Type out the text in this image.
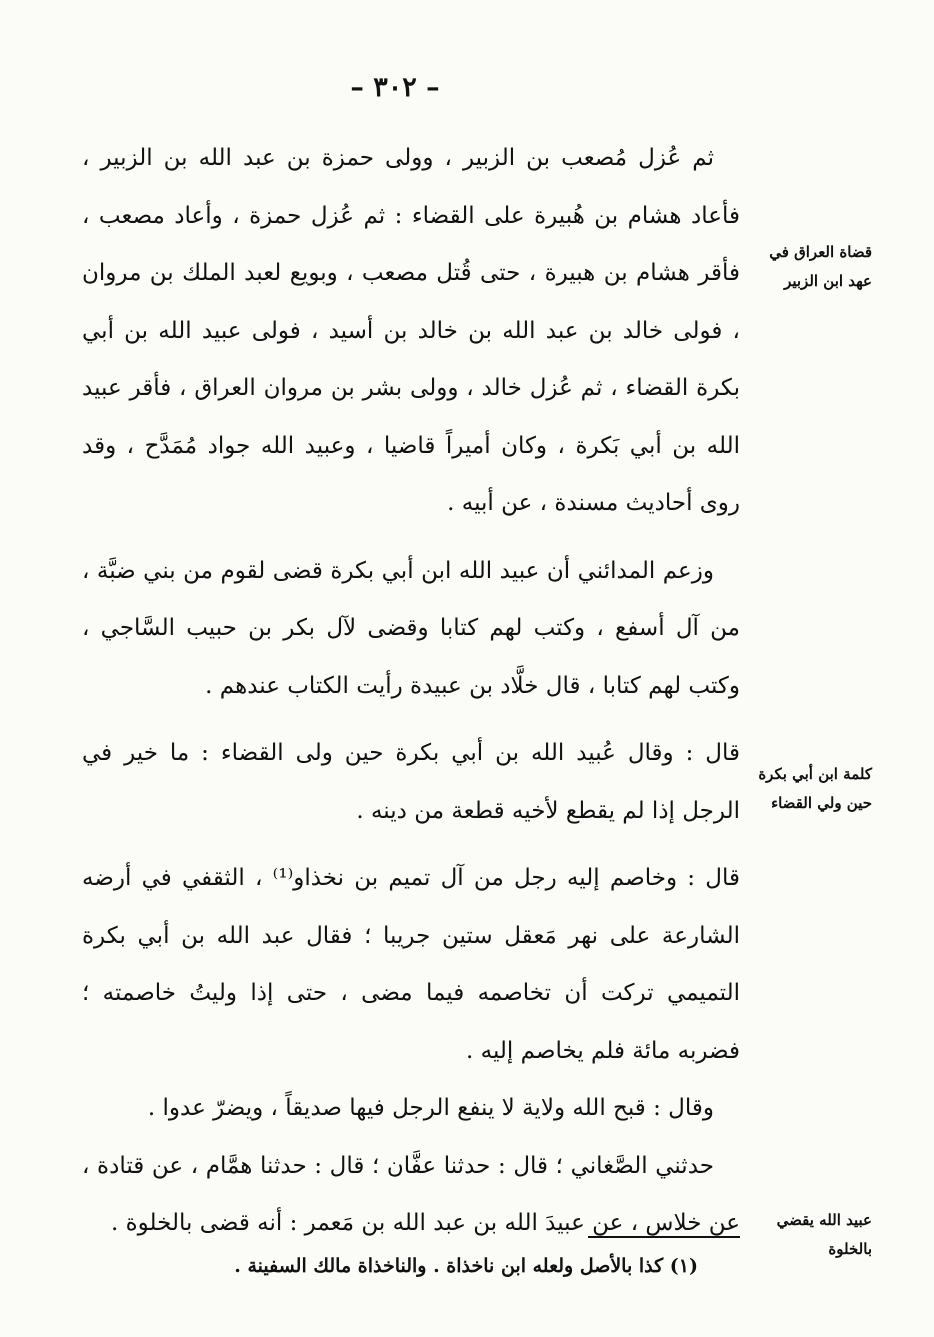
– ٣٠٢ –
قضاة العراق في عهد ابن الزبير
كلمة ابن أبي بكرة حين ولي القضاء
عبيد الله يقضي بالخلوة

ثم عُزل مُصعب بن الزبير ، وولى حمزة بن عبد الله بن الزبير ، فأعاد هشام بن هُبيرة على القضاء : ثم عُزل حمزة ، وأعاد مصعب ، فأقر هشام بن هبيرة ، حتى قُتل مصعب ، وبويع لعبد الملك بن مروان ، فولى خالد بن عبد الله بن خالد بن أسيد ، فولى عبيد الله بن أبي بكرة القضاء ، ثم عُزل خالد ، وولى بشر بن مروان العراق ، فأقر عبيد الله بن أبي بَكرة ، وكان أميراً قاضيا ، وعبيد الله جواد مُمَدَّح ، وقد روى أحاديث مسندة ، عن أبيه .

وزعم المدائني أن عبيد الله ابن أبي بكرة قضى لقوم من بني ضبَّة ، من آل أسفع ، وكتب لهم كتابا وقضى لآل بكر بن حبيب السَّاجي ، وكتب لهم كتابا ، قال خلَّاد بن عبيدة رأيت الكتاب عندهم .

قال : وقال عُبيد الله بن أبي بكرة حين ولى القضاء : ما خير في الرجل إذا لم يقطع لأخيه قطعة من دينه .

قال : وخاصم إليه رجل من آل تميم بن نخذاو⁽¹⁾ ، الثقفي في أرضه الشارعة على نهر مَعقل ستين جريبا ؛ فقال عبد الله بن أبي بكرة التميمي تركت أن تخاصمه فيما مضى ، حتى إذا وليتُ خاصمته ؛ فضربه مائة فلم يخاصم إليه .

وقال : قبح الله ولاية لا ينفع الرجل فيها صديقاً ، ويضرّ عدوا .

حدثني الصَّغاني ؛ قال : حدثنا عفَّان ؛ قال : حدثنا همَّام ، عن قتادة ، عن خلاس ، عن عبيدَ الله بن عبد الله بن مَعمر : أنه قضى بالخلوة .

(١) كذا بالأصل ولعله ابن ناخذاة . والناخذاة مالك السفينة .
